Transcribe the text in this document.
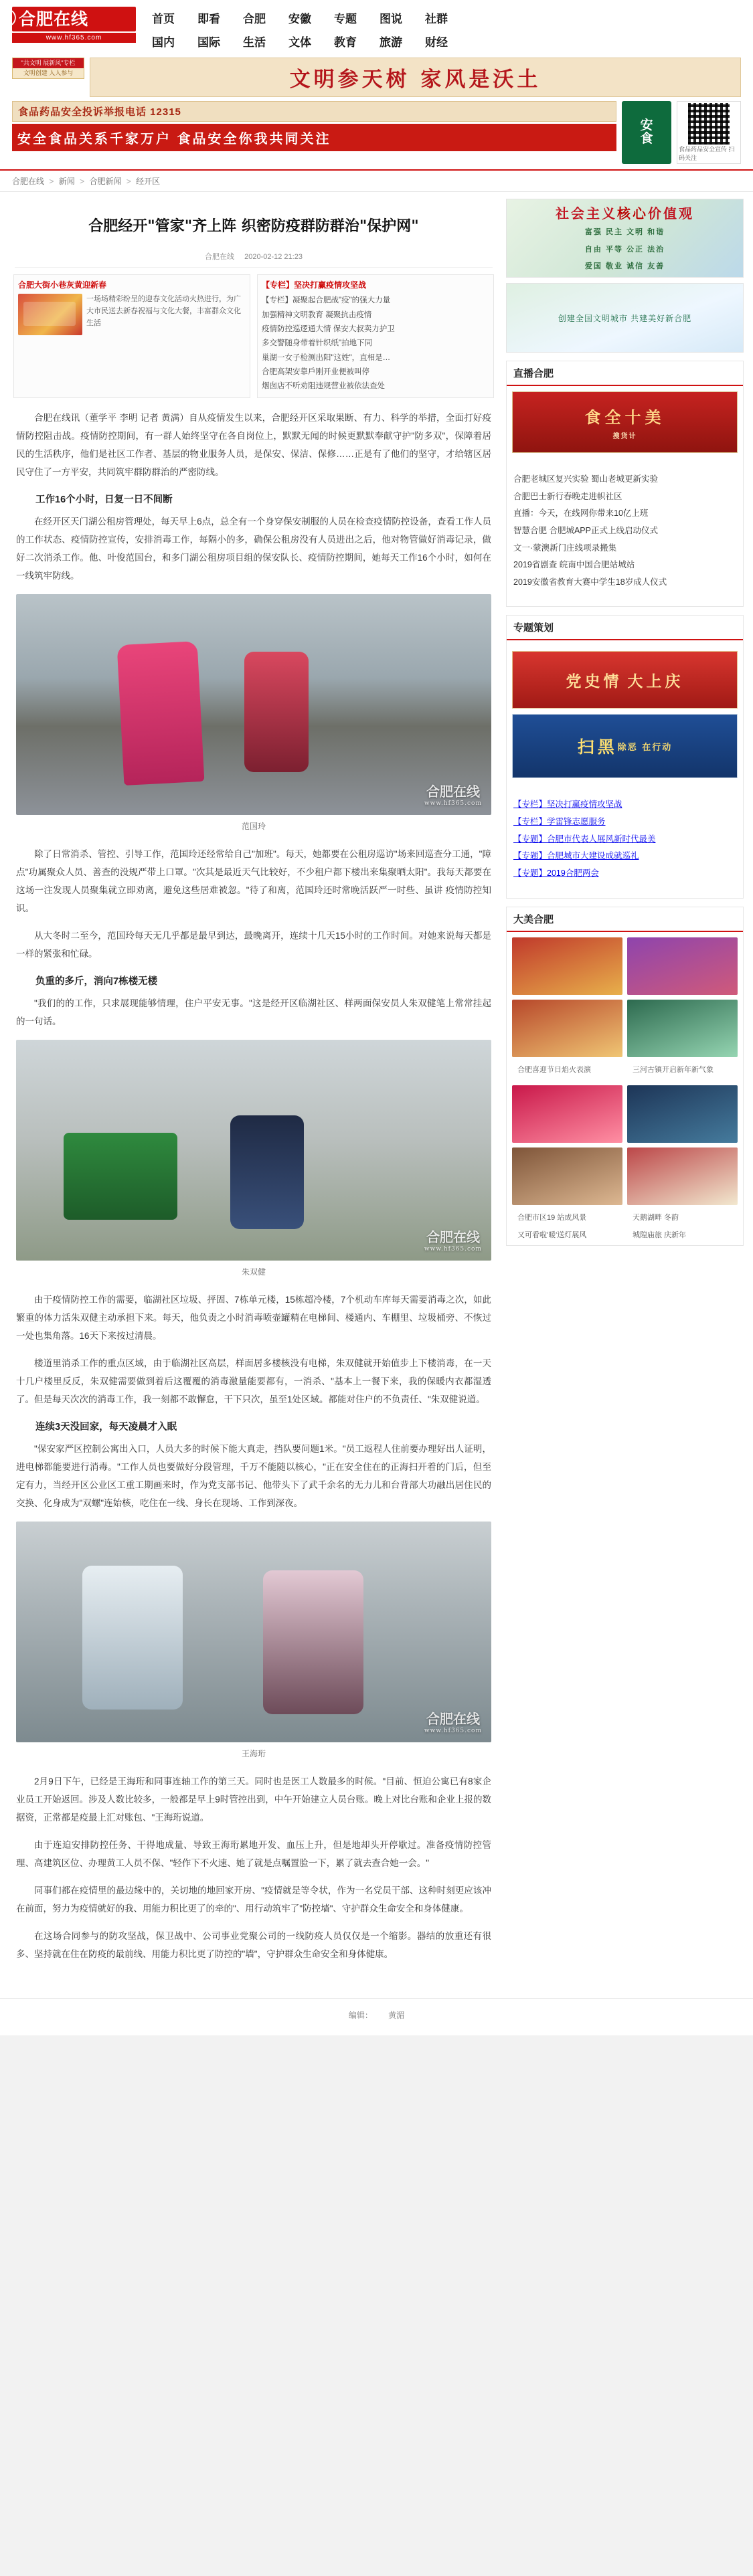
⃝ 合肥在线
www.hf365.com
首页 即看 合肥 安徽 专题 图说 社群
国内 国际 生活 文体 教育 旅游 财经
"共文明 展新风"专栏
文明创建 人人参与	文明参天树 家风是沃土
食品药品安全投诉举报电话 12315
安全食品关系千家万户 食品安全你我共同关注
安
食
食品药品安全宣传 扫码关注
合肥在线 > 新闻 > 合肥新闻 > 经开区
合肥经开"管家"齐上阵 织密防疫群防群治"保护网"
合肥在线 2020-02-12 21:23
合肥大街小巷灰黄迎新春
一场场精彩纷呈的迎春文化活动火热进行，为广大市民送去新春祝福与文化大餐，丰富群众文化生活
【专栏】坚决打赢疫情攻坚战
【专栏】凝聚起合肥战"疫"的强大力量
加强精神文明教育 凝聚抗击疫情
疫情防控巡逻通大情 保安大叔卖力护卫
多交警随身带着针织纸"拍地下同
巢湖一女子检测出阳"这姓"，直相是…
合肥高架安靠戶刚开业便被叫停
烟囱店不听劝阻违规营业被依法查处

合肥在线讯（董学平 李明 记者 黄满）自从疫情发生以来，合肥经开区采取果断、有力、科学的举措，全面打好疫情防控阻击战。疫情防控期间，有一群人始终坚守在各自岗位上，默默无闻的时候更默默奉献守护"防多双"，保障着居民的生活秩序，他们是社区工作者、基层的物业服务人员，是保安、保洁、保修……正是有了他们的坚守，才给辖区居民守住了一方平安，共同筑牢群防群治的严密防线。

工作16个小时，日复一日不间断

在经开区天门湖公租房管理处，每天早上6点，总全有一个身穿保安制服的人员在检查疫情防控设备，查看工作人员的工作状态、疫情防控宣传，安排消毒工作，每隔小的多，确保公租房没有人员进出之后，他对物管做好消毒记录，做好二次消杀工作。他、叶俊范国台，和多门湖公租房项目组的保安队长、疫情防控期间，她每天工作16个小时，如何在一线筑牢防线。

合肥在线
www.hf365.com
范国玲

除了日常消杀、管控、引导工作，范国玲还经常给自己"加班"。每天，她都要在公租房巡访"场来回巡查分工通，"障点"功属聚众人员、善查的没规严带上口罩。"次其是最近天气比较好，不少租户都下楼出来集聚晒太阳"。我每天都要在这场一注发现人员聚集就立即劝离，避免这些居难被忽。"待了和离，范国玲还时常晚活跃严一时些、虽讲 疫情防控知识。

从大冬时二至今，范国玲每天无几乎都是最早到达，最晚离开，连续十几天15小时的工作时间。对她来说每天都是一样的紧张和忙碌。

负重的多斤，消向7栋楼无楼

"我们的的工作，只求展现能够情理，住户平安无事。"这是经开区临湖社区、样两面保安员人朱双健笔上常常挂起的一句话。

合肥在线
www.hf365.com
朱双健

由于疫情防控工作的需要，临湖社区垃圾、抨固、7栋单元楼，15栋超冷楼，7个机动车库每天需要消毒之次，如此繁重的体力活朱双健主动承担下来。每天，他负责之小时消毒喷壶罐精在电梯间、楼通内、车棚里、垃圾桶旁、不恢过一处也集角落。16天下来按过清晨。

楼道里消杀工作的重点区域，由于临湖社区高层，样面居多楼核没有电梯，朱双健就开始值步上下楼消毒，在一天十几户楼里反反，朱双健需要做到着后这覆覆的消毒激量能要都有，一消杀、"基本上一餐下来，我的保暖内衣都湿透了。但是每天次次的消毒工作，我一刻都不敢懈怠，干下只次，虽至1处区域。都能对住户的不负责任、"朱双健说道。

连续3天没回家，每天凌晨才入眠

"保安家严区控制公寓出入口，人员大多的时候下能大真走，挡队要问题1米。"员工返程人住前要办理好出人证明，进电梯都能要进行消毒。"工作人员也要做好分段管理，千万不能随以核心，"正在安全住在的正海扫开着的门后，但至定有力，当经开区公业区工重工期画来时，作为党支部书记、他带头下了武千余名的无力儿和台背部大功融出居住民的交换、化身成为"双螺"连始核，吃住在一线、身长在现场、工作到深夜。

合肥在线
www.hf365.com
王海珩

2月9日下午，已经是王海珩和同事连轴工作的第三天。同时也是医工人数最多的时候。"目前、恒迫公寓已有8家企业员工开始返回。涉及人数比较多，一般都是早上9时管控出到，中午开始建立人员台账。晚上对比台账和企业上报的数据资，正常都是疫最上汇对账包、"王海珩说道。

由于连迫安排防控任务、干得地成量、导致王海珩累地开发、血压上升，但是地却头开停歇过。准备疫情防控管理、高建筑区位、办理黄工人员不保、"轻作下不火速、她了就是点嘱置脸一下，累了就去查合她一会。"

同事们都在疫情里的最边缘中的，关切地的地回家开房、"疫情就是等令状，作为一名党员干部、这种时刻更应该冲在前面，努力为疫情就好的我、用能力积比更了的牵的"、用行动筑牢了"防控墙"、守护群众生命安全和身体健康。

在这场合同参与的防攻坚战，保卫战中、公司事业党聚公司的一线防疫人员仅仅是一个缩影。器结的放重还有很多、坚持就在住在防疫的最前线、用能力积比更了防控的"墙"，守护群众生命安全和身体健康。

社会主义核心价值观
富强 民主 文明 和谐
自由 平等 公正 法治
爱国 敬业 诚信 友善
创建全国文明城市 共建美好新合肥
直播合肥
食全十美
搜货计
合肥老城区复兴实验 蜀山老城更新实验
合肥巴士新行春晚走进帜社区
直播：今天，在线网你带来10亿上班
智慧合肥 合肥城APP正式上线启动仪式
文一·蒙澳新门庄线项录搬集
2019省剧查 皖南中国合肥站城站
2019安徽省教育大赛中学生18岁成人仪式
专题策划
党史情 大上庆
扫黑 除恶 在行动
【专栏】坚决打赢疫情攻坚战
【专栏】学雷锋志愿服务
【专题】合肥市代表人展风新时代最美
【专题】合肥城市大建设成就巡礼
【专题】2019合肥两会
大美合肥
合肥喜迎节日焰火表演	三河古镇开启新年新气象
合肥市区19 站成风景	天鹅湖畔 冬韵
又可看啦'暖'送灯展风	城隍庙旅 庆新年
编辑： 黄湄
